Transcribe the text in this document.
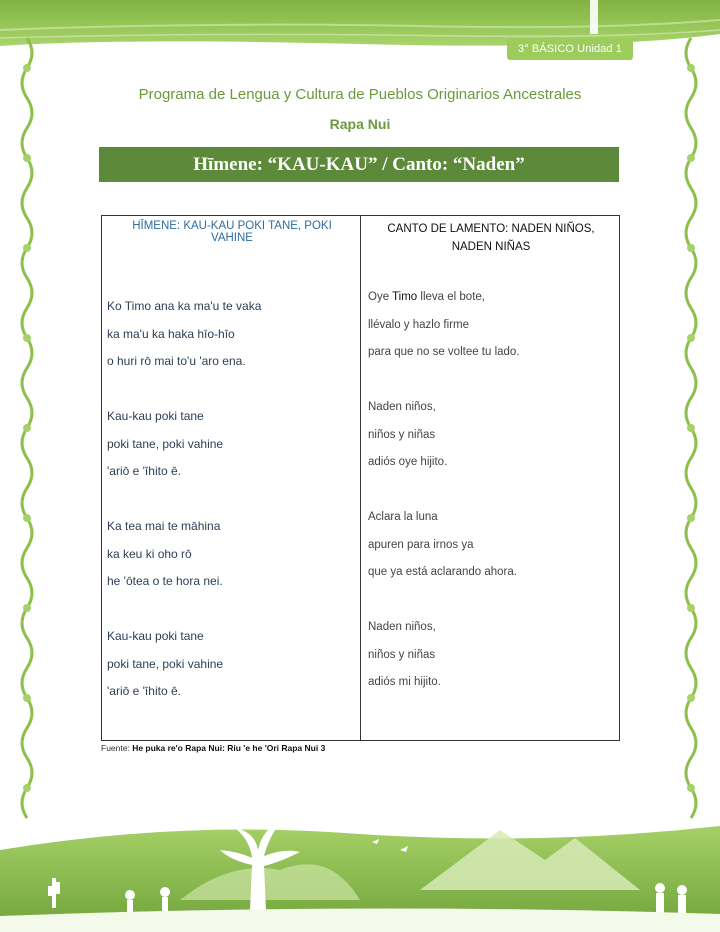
3° BÁSICO Unidad 1
Programa de Lengua y Cultura de Pueblos Originarios Ancestrales
Rapa Nui
Hīmene: “KAU-KAU” / Canto: “Naden”
HĪMENE: KAU-KAU POKI TANE, POKI VAHINE
CANTO DE LAMENTO: NADEN NIÑOS, NADEN NIÑAS
Ko Timo ana ka ma'u te vaka
ka ma'u ka haka hīo-hīo
o huri rō mai to'u 'aro ena.
Kau-kau poki tane
poki tane, poki vahine
'ariō e 'īhito ē.
Ka tea mai te māhina
ka keu ki oho rō
he 'ōtea o te hora nei.
Kau-kau poki tane
poki tane, poki vahine
'ariō e 'īhito ē.
Oye Timo lleva el bote,
llévalo y hazlo firme
para que no se voltee tu lado.
Naden niños,
niños y niñas
adiós oye hijito.
Aclara la luna
apuren para irnos ya
que ya está aclarando ahora.
Naden niños,
niños y niñas
adiós mi hijito.
Fuente: He puka re'o Rapa Nui: Riu 'e he 'Ori Rapa Nui 3
